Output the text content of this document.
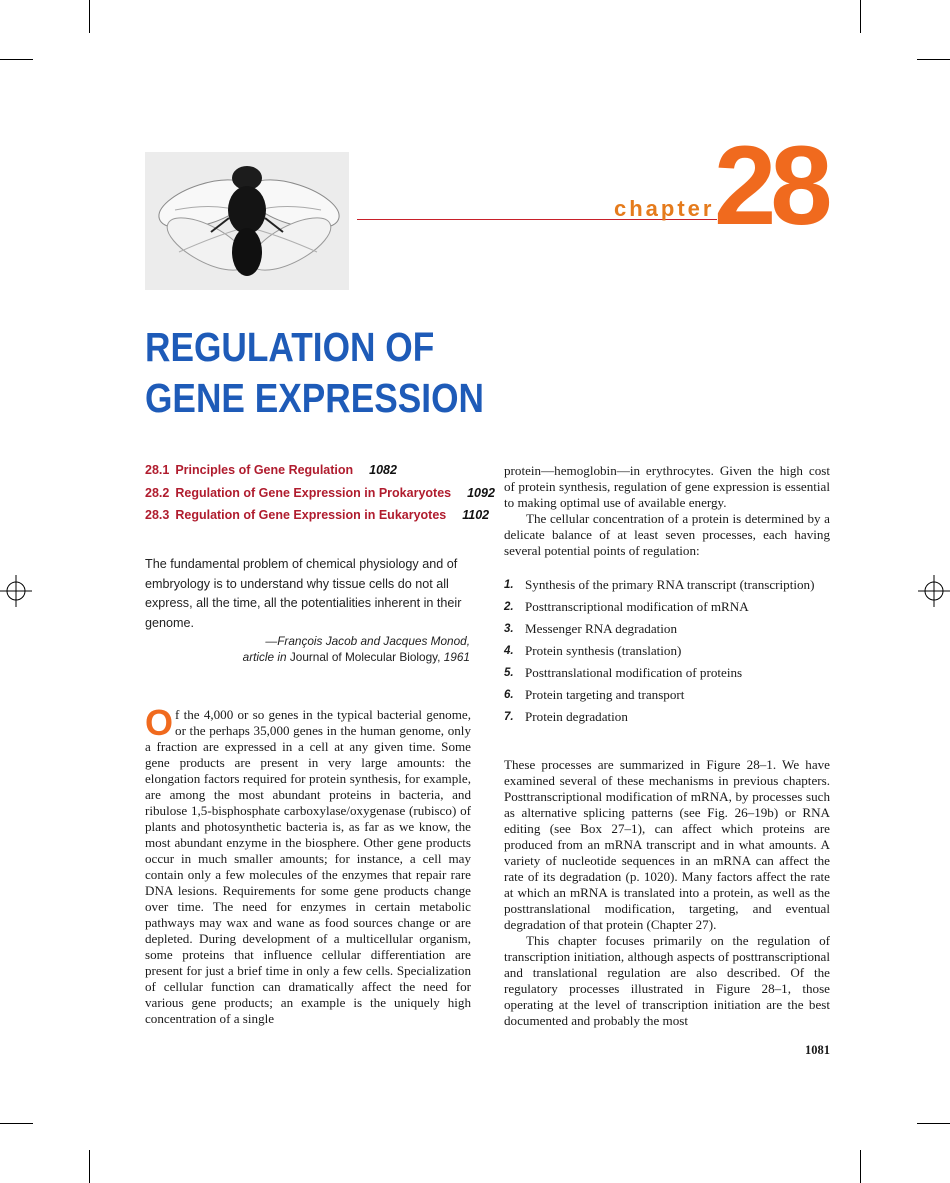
chapter 28
REGULATION OF
GENE EXPRESSION
28.1 Principles of Gene Regulation 1082
28.2 Regulation of Gene Expression in Prokaryotes 1092
28.3 Regulation of Gene Expression in Eukaryotes 1102
The fundamental problem of chemical physiology and of embryology is to understand why tissue cells do not all express, all the time, all the potentialities inherent in their genome.
—François Jacob and Jacques Monod,
article in Journal of Molecular Biology, 1961

Of the 4,000 or so genes in the typical bacterial genome, or the perhaps 35,000 genes in the human genome, only a fraction are expressed in a cell at any given time. Some gene products are present in very large amounts: the elongation factors required for protein synthesis, for example, are among the most abundant proteins in bacteria, and ribulose 1,5-bisphosphate carboxylase/oxygenase (rubisco) of plants and photosynthetic bacteria is, as far as we know, the most abundant enzyme in the biosphere. Other gene products occur in much smaller amounts; for instance, a cell may contain only a few molecules of the enzymes that repair rare DNA lesions. Requirements for some gene products change over time. The need for enzymes in certain metabolic pathways may wax and wane as food sources change or are depleted. During development of a multicellular organism, some proteins that influence cellular differentiation are present for just a brief time in only a few cells. Specialization of cellular function can dramatically affect the need for various gene products; an example is the uniquely high concentration of a single

protein—hemoglobin—in erythrocytes. Given the high cost of protein synthesis, regulation of gene expression is essential to making optimal use of available energy.

The cellular concentration of a protein is determined by a delicate balance of at least seven processes, each having several potential points of regulation:

1. Synthesis of the primary RNA transcript (transcription)
2. Posttranscriptional modification of mRNA
3. Messenger RNA degradation
4. Protein synthesis (translation)
5. Posttranslational modification of proteins
6. Protein targeting and transport
7. Protein degradation

These processes are summarized in Figure 28–1. We have examined several of these mechanisms in previous chapters. Posttranscriptional modification of mRNA, by processes such as alternative splicing patterns (see Fig. 26–19b) or RNA editing (see Box 27–1), can affect which proteins are produced from an mRNA transcript and in what amounts. A variety of nucleotide sequences in an mRNA can affect the rate of its degradation (p. 1020). Many factors affect the rate at which an mRNA is translated into a protein, as well as the posttranslational modification, targeting, and eventual degradation of that protein (Chapter 27).

This chapter focuses primarily on the regulation of transcription initiation, although aspects of posttranscriptional and translational regulation are also described. Of the regulatory processes illustrated in Figure 28–1, those operating at the level of transcription initiation are the best documented and probably the most

1081
